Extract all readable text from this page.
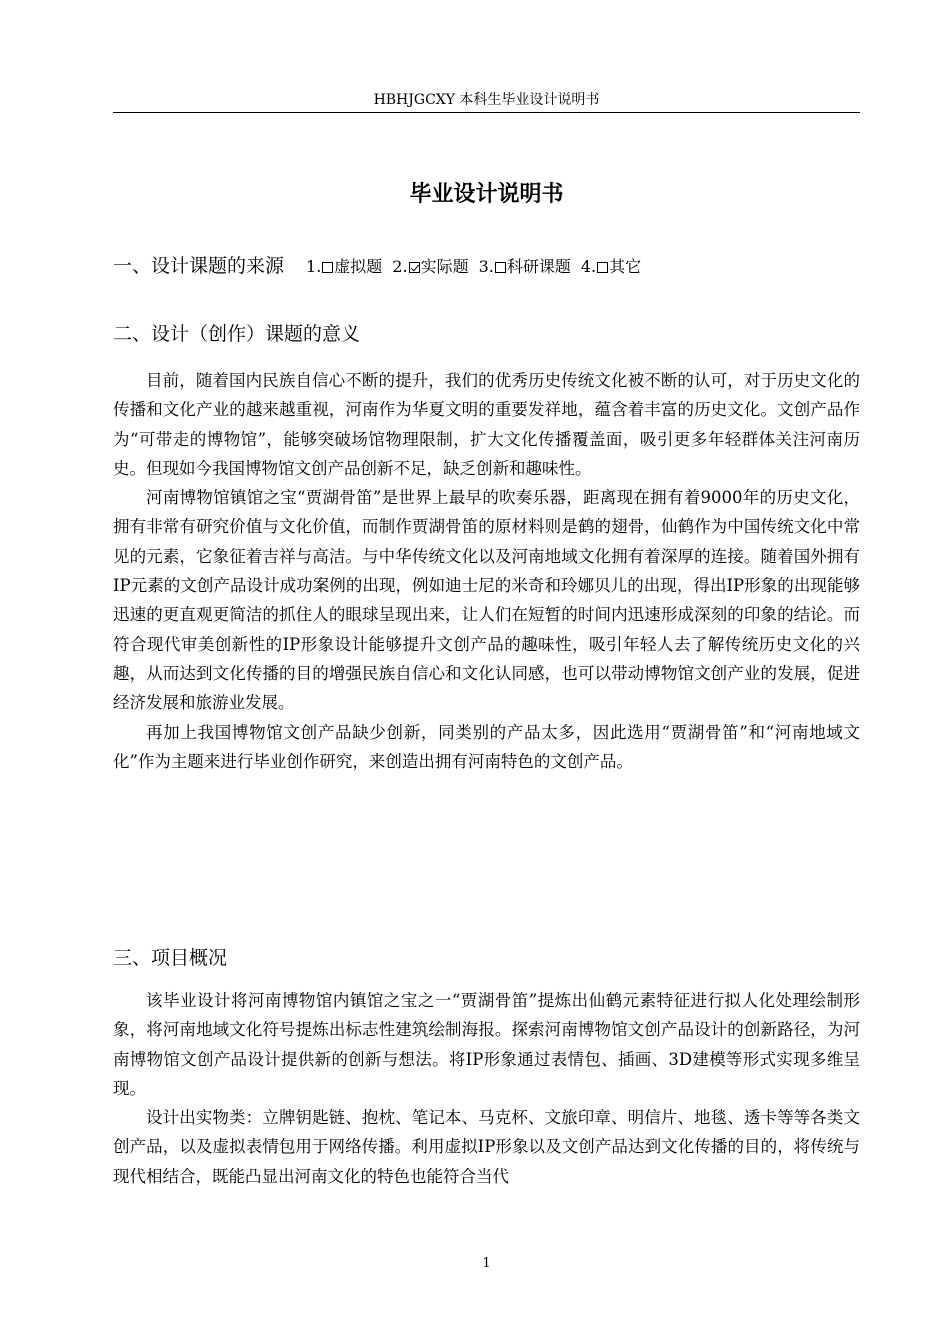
HBHJGCXY 本科生毕业设计说明书
毕业设计说明书
一、设计课题的来源 1. 虚拟题 2. 实际题 3. 科研课题 4. 其它
二、设计（创作）课题的意义

目前，随着国内民族自信心不断的提升，我们的优秀历史传统文化被不断的认可，对于历史文化的传播和文化产业的越来越重视，河南作为华夏文明的重要发祥地，蕴含着丰富的历史文化。文创产品作为“可带走的博物馆”，能够突破场馆物理限制，扩大文化传播覆盖面，吸引更多年轻群体关注河南历史。但现如今我国博物馆文创产品创新不足，缺乏创新和趣味性。

河南博物馆镇馆之宝“贾湖骨笛”是世界上最早的吹奏乐器，距离现在拥有着9000年的历史文化，拥有非常有研究价值与文化价值，而制作贾湖骨笛的原材料则是鹤的翅骨，仙鹤作为中国传统文化中常见的元素，它象征着吉祥与高洁。与中华传统文化以及河南地域文化拥有着深厚的连接。随着国外拥有IP元素的文创产品设计成功案例的出现，例如迪士尼的米奇和玲娜贝儿的出现，得出IP形象的出现能够迅速的更直观更简洁的抓住人的眼球呈现出来，让人们在短暂的时间内迅速形成深刻的印象的结论。而符合现代审美创新性的IP形象设计能够提升文创产品的趣味性，吸引年轻人去了解传统历史文化的兴趣，从而达到文化传播的目的增强民族自信心和文化认同感，也可以带动博物馆文创产业的发展，促进经济发展和旅游业发展。

再加上我国博物馆文创产品缺少创新，同类别的产品太多，因此选用“贾湖骨笛”和“河南地域文化”作为主题来进行毕业创作研究，来创造出拥有河南特色的文创产品。

三、项目概况

该毕业设计将河南博物馆内镇馆之宝之一“贾湖骨笛”提炼出仙鹤元素特征进行拟人化处理绘制形象，将河南地域文化符号提炼出标志性建筑绘制海报。探索河南博物馆文创产品设计的创新路径，为河南博物馆文创产品设计提供新的创新与想法。将IP形象通过表情包、插画、3D建模等形式实现多维呈现。

设计出实物类：立牌钥匙链、抱枕、笔记本、马克杯、文旅印章、明信片、地毯、透卡等等各类文创产品，以及虚拟表情包用于网络传播。利用虚拟IP形象以及文创产品达到文化传播的目的，将传统与现代相结合，既能凸显出河南文化的特色也能符合当代

1
